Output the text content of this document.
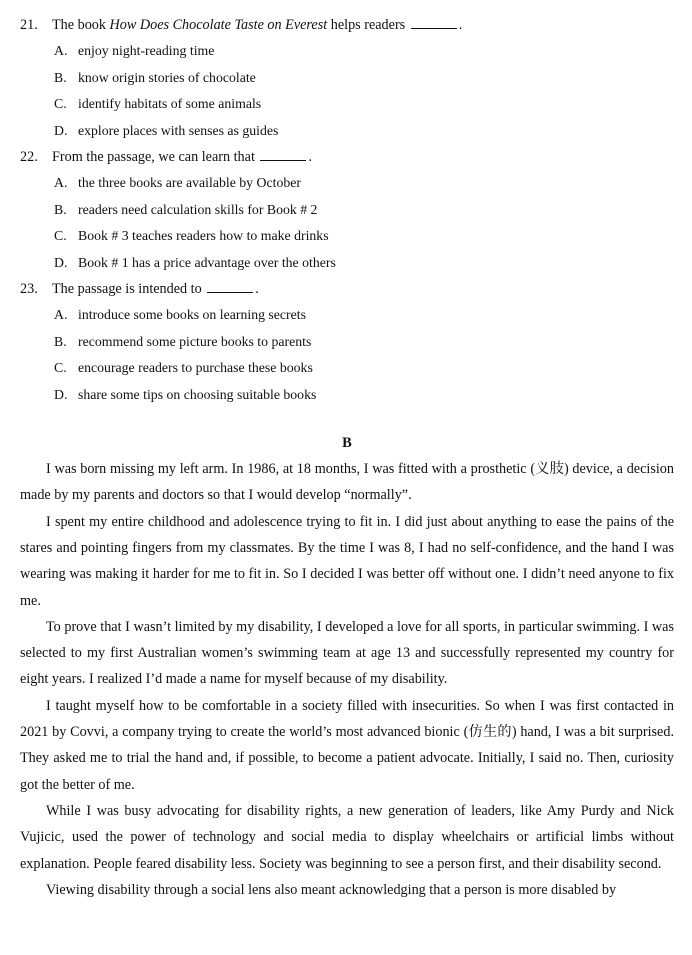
21. The book How Does Chocolate Taste on Everest helps readers	.
A. enjoy night-reading time
B. know origin stories of chocolate
C. identify habitats of some animals
D. explore places with senses as guides
22. From the passage, we can learn that	.
A. the three books are available by October
B. readers need calculation skills for Book # 2
C. Book # 3 teaches readers how to make drinks
D. Book # 1 has a price advantage over the others
23. The passage is intended to	.
A. introduce some books on learning secrets
B. recommend some picture books to parents
C. encourage readers to purchase these books
D. share some tips on choosing suitable books
B

I was born missing my left arm. In 1986, at 18 months, I was fitted with a prosthetic (义肢) device, a decision made by my parents and doctors so that I would develop “normally”.

I spent my entire childhood and adolescence trying to fit in. I did just about anything to ease the pains of the stares and pointing fingers from my classmates. By the time I was 8, I had no self-confidence, and the hand I was wearing was making it harder for me to fit in. So I decided I was better off without one. I didn’t need anyone to fix me.

To prove that I wasn’t limited by my disability, I developed a love for all sports, in particular swimming. I was selected to my first Australian women’s swimming team at age 13 and successfully represented my country for eight years. I realized I’d made a name for myself because of my disability.

I taught myself how to be comfortable in a society filled with insecurities. So when I was first contacted in 2021 by Covvi, a company trying to create the world’s most advanced bionic (仿生的) hand, I was a bit surprised. They asked me to trial the hand and, if possible, to become a patient advocate. Initially, I said no. Then, curiosity got the better of me.

While I was busy advocating for disability rights, a new generation of leaders, like Amy Purdy and Nick Vujicic, used the power of technology and social media to display wheelchairs or artificial limbs without explanation. People feared disability less. Society was beginning to see a person first, and their disability second.

Viewing disability through a social lens also meant acknowledging that a person is more disabled by
